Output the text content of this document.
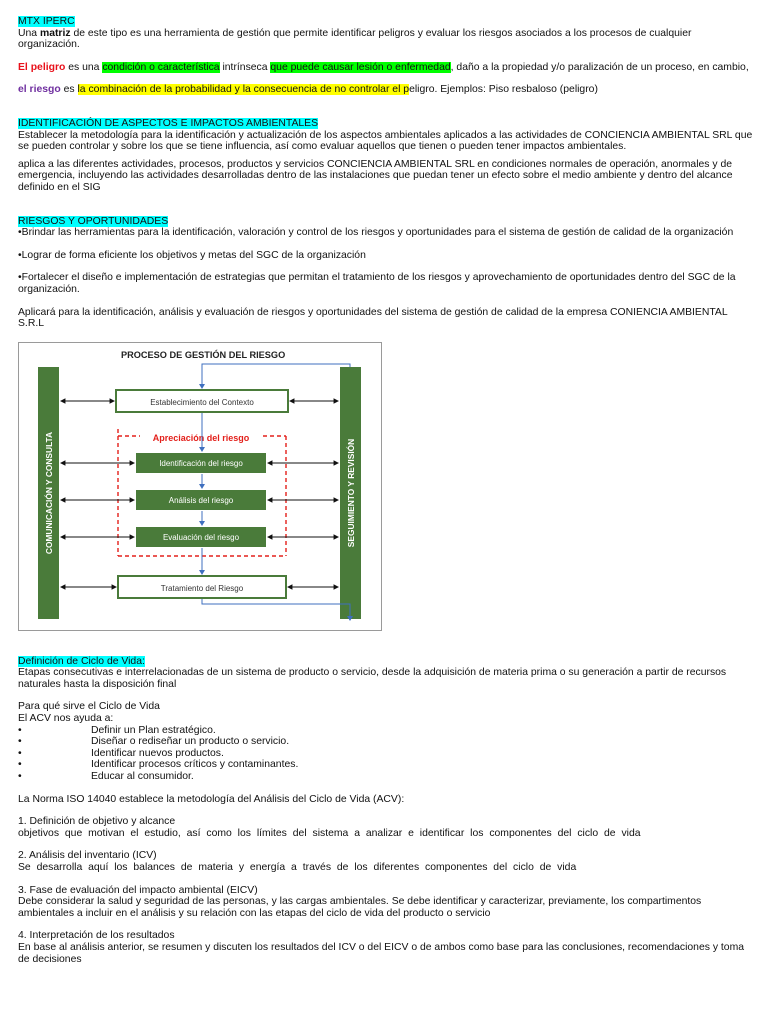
MTX IPERC

Una matriz de este tipo es una herramienta de gestión que permite identificar peligros y evaluar los riesgos asociados a los procesos de cualquier organización.

El peligro es una condición o característica intrínseca que puede causar lesión o enfermedad, daño a la propiedad y/o paralización de un proceso, en cambio,

el riesgo es la combinación de la probabilidad y la consecuencia de no controlar el peligro. Ejemplos: Piso resbaloso (peligro)

IDENTIFICACIÓN DE ASPECTOS E IMPACTOS AMBIENTALES

Establecer la metodología para la identificación y actualización de los aspectos ambientales aplicados a las actividades de CONCIENCIA AMBIENTAL SRL que se pueden controlar y sobre los que se tiene influencia, así como evaluar aquellos que tienen o pueden tener impactos ambientales.

aplica a las diferentes actividades, procesos, productos y servicios CONCIENCIA AMBIENTAL SRL en condiciones normales de operación, anormales y de emergencia, incluyendo las actividades desarrolladas dentro de las instalaciones que puedan tener un efecto sobre el medio ambiente y dentro del alcance definido en el SIG

RIESGOS Y OPORTUNIDADES

•Brindar las herramientas para la identificación, valoración y control de los riesgos y oportunidades para el sistema de gestión de calidad de la organización

•Lograr de forma eficiente los objetivos y metas del SGC de la organización

•Fortalecer el diseño e implementación de estrategias que permitan el tratamiento de los riesgos y aprovechamiento de oportunidades dentro del SGC de la organización.

Aplicará para la identificación, análisis y evaluación de riesgos y oportunidades del sistema de gestión de calidad de la empresa CONIENCIA AMBIENTAL S.R.L

PROCESO DE GESTIÓN DEL RIESGO
COMUNICACIÓN Y CONSULTA	SEGUIMIENTO Y REVISIÓN
Establecimiento del Contexto
Apreciación del riesgo
Identificación del riesgo
Análisis del riesgo
Evaluación del riesgo
Tratamiento del Riesgo

Definición de Ciclo de Vida:

Etapas consecutivas e interrelacionadas de un sistema de producto o servicio, desde la adquisición de materia prima o su generación a partir de recursos naturales hasta la disposición final

Para qué sirve el Ciclo de Vida

El ACV nos ayuda a:

•	Definir un Plan estratégico.
•	Diseñar o rediseñar un producto o servicio.
•	Identificar nuevos productos.
•	Identificar procesos críticos y contaminantes.
•	Educar al consumidor.

La Norma ISO 14040 establece la metodología del Análisis del Ciclo de Vida (ACV):

1. Definición de objetivo y alcance

objetivos que motivan el estudio, así como los límites del sistema a analizar e identificar los componentes del ciclo de vida

2. Análisis del inventario (ICV)

Se desarrolla aquí los balances de materia y energía a través de los diferentes componentes del ciclo de vida

3. Fase de evaluación del impacto ambiental (EICV)

Debe considerar la salud y seguridad de las personas, y las cargas ambientales. Se debe identificar y caracterizar, previamente, los compartimentos ambientales a incluir en el análisis y su relación con las etapas del ciclo de vida del producto o servicio

4. Interpretación de los resultados

En base al análisis anterior, se resumen y discuten los resultados del ICV o del EICV o de ambos como base para las conclusiones, recomendaciones y toma de decisiones
